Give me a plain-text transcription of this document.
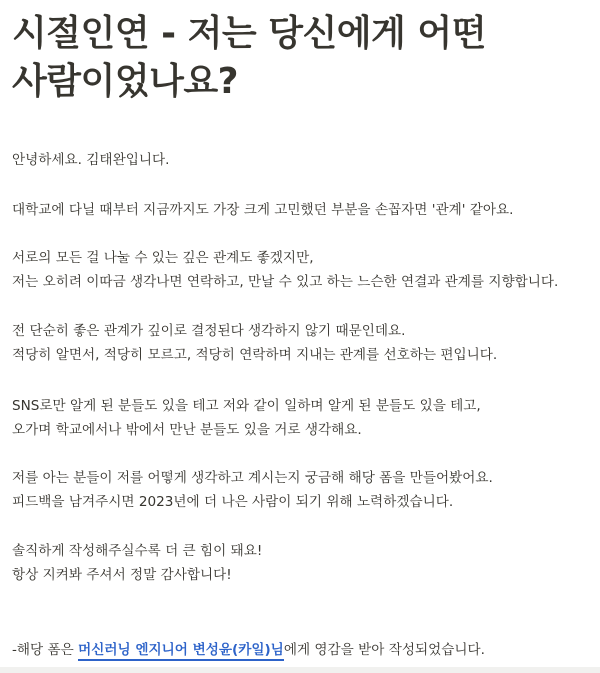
시절인연 - 저는 당신에게 어떤 사람이었나요?

안녕하세요. 김태완입니다.

대학교에 다닐 때부터 지금까지도 가장 크게 고민했던 부분을 손꼽자면 '관계' 같아요.

서로의 모든 걸 나눌 수 있는 깊은 관계도 좋겠지만,
저는 오히려 이따금 생각나면 연락하고, 만날 수 있고 하는 느슨한 연결과 관계를 지향합니다.

전 단순히 좋은 관계가 깊이로 결정된다 생각하지 않기 때문인데요.
적당히 알면서, 적당히 모르고, 적당히 연락하며 지내는 관계를 선호하는 편입니다.

SNS로만 알게 된 분들도 있을 테고 저와 같이 일하며 알게 된 분들도 있을 테고,
오가며 학교에서나 밖에서 만난 분들도 있을 거로 생각해요.

저를 아는 분들이 저를 어떻게 생각하고 계시는지 궁금해 해당 폼을 만들어봤어요.
피드백을 남겨주시면 2023년에 더 나은 사람이 되기 위해 노력하겠습니다.

솔직하게 작성해주실수록 더 큰 힘이 돼요!
항상 지켜봐 주셔서 정말 감사합니다!

-해당 폼은 머신러닝 엔지니어 변성윤(카일)님에게 영감을 받아 작성되었습니다.
